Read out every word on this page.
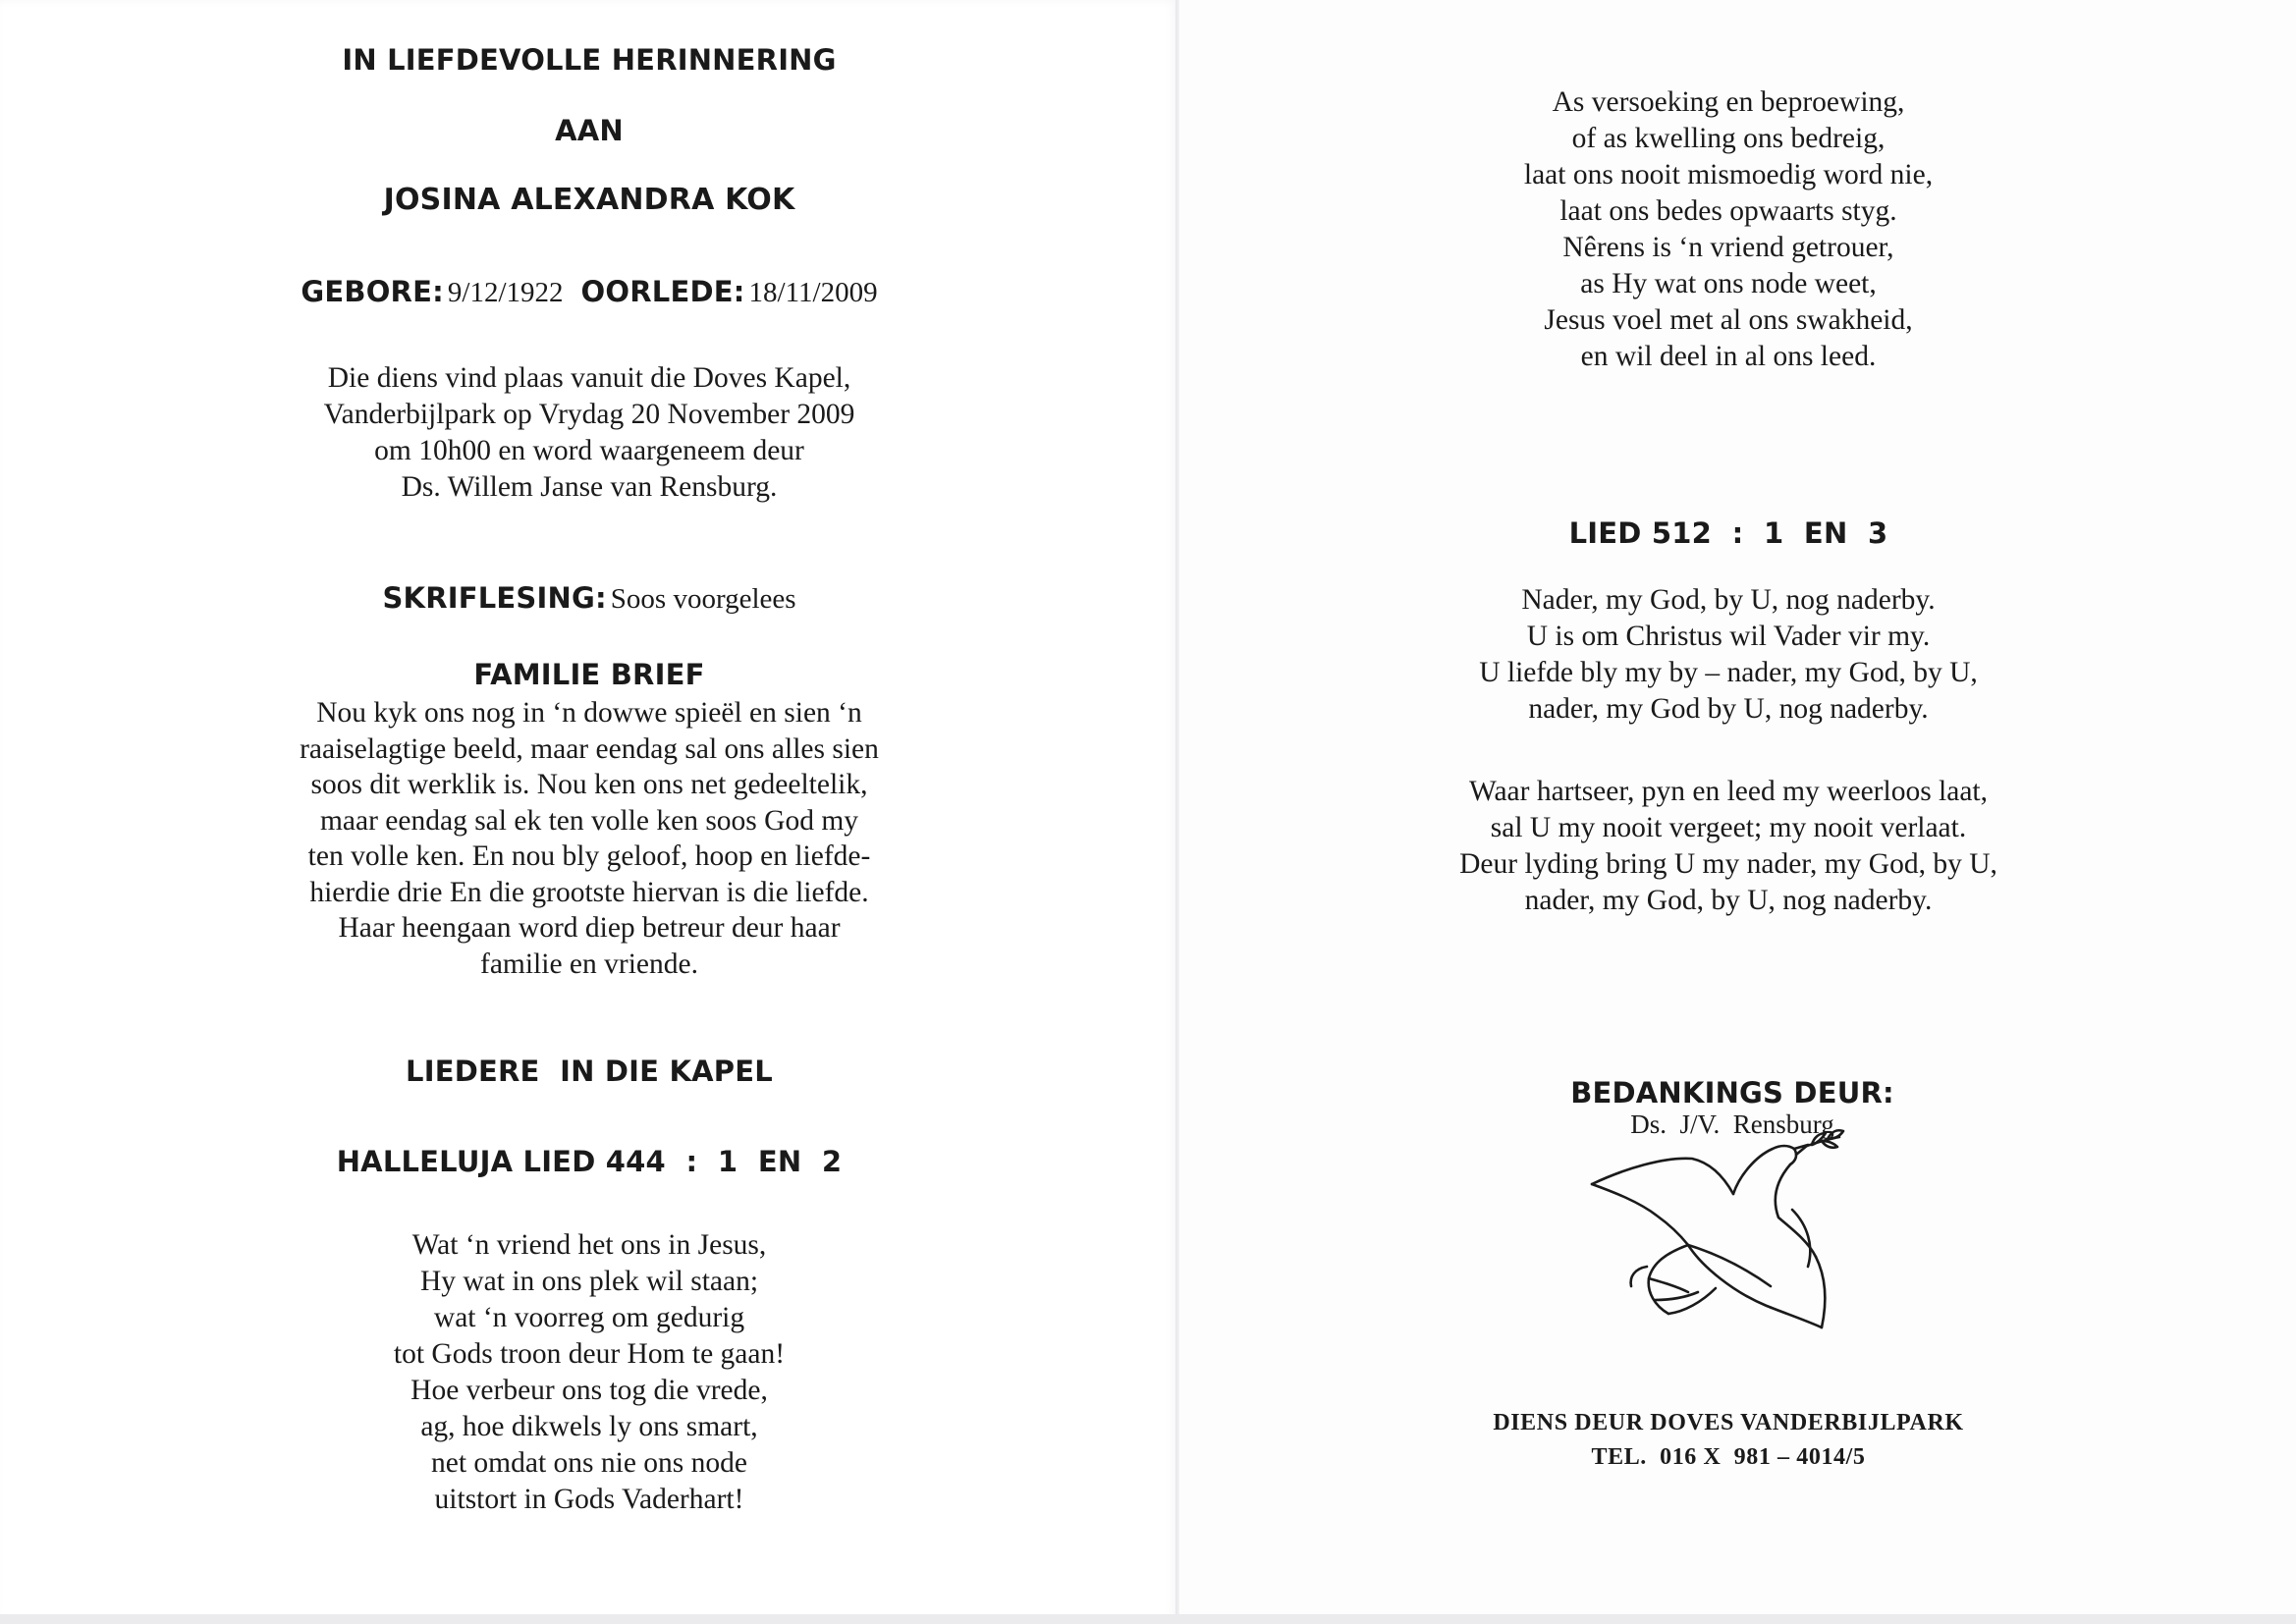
IN LIEFDEVOLLE HERINNERING
AAN
JOSINA ALEXANDRA KOK
GEBORE: 9/12/1922 OORLEDE: 18/11/2009
Die diens vind plaas vanuit die Doves Kapel,
Vanderbijlpark op Vrydag 20 November 2009
om 10h00 en word waargeneem deur
Ds. Willem Janse van Rensburg.
SKRIFLESING: Soos voorgelees
FAMILIE BRIEF
Nou kyk ons nog in ‘n dowwe spieël en sien ‘n
raaiselagtige beeld, maar eendag sal ons alles sien
soos dit werklik is. Nou ken ons net gedeeltelik,
maar eendag sal ek ten volle ken soos God my
ten volle ken. En nou bly geloof, hoop en liefde-
hierdie drie En die grootste hiervan is die liefde.
Haar heengaan word diep betreur deur haar
familie en vriende.
LIEDERE  IN DIE KAPEL
HALLELUJA LIED 444  :  1  EN  2
Wat ‘n vriend het ons in Jesus,
Hy wat in ons plek wil staan;
wat ‘n voorreg om gedurig
tot Gods troon deur Hom te gaan!
Hoe verbeur ons tog die vrede,
ag, hoe dikwels ly ons smart,
net omdat ons nie ons node
uitstort in Gods Vaderhart!
As versoeking en beproewing,
of as kwelling ons bedreig,
laat ons nooit mismoedig word nie,
laat ons bedes opwaarts styg.
Nêrens is ‘n vriend getrouer,
as Hy wat ons node weet,
Jesus voel met al ons swakheid,
en wil deel in al ons leed.
LIED 512  :  1  EN  3
Nader, my God, by U, nog naderby.
U is om Christus wil Vader vir my.
U liefde bly my by – nader, my God, by U,
nader, my God by U, nog naderby.
Waar hartseer, pyn en leed my weerloos laat,
sal U my nooit vergeet; my nooit verlaat.
Deur lyding bring U my nader, my God, by U,
nader, my God, by U, nog naderby.

BEDANKINGS DEUR:
Ds.  J/V.  Rensburg

DIENS DEUR DOVES VANDERBIJLPARK
TEL.  016 X  981 – 4014/5
